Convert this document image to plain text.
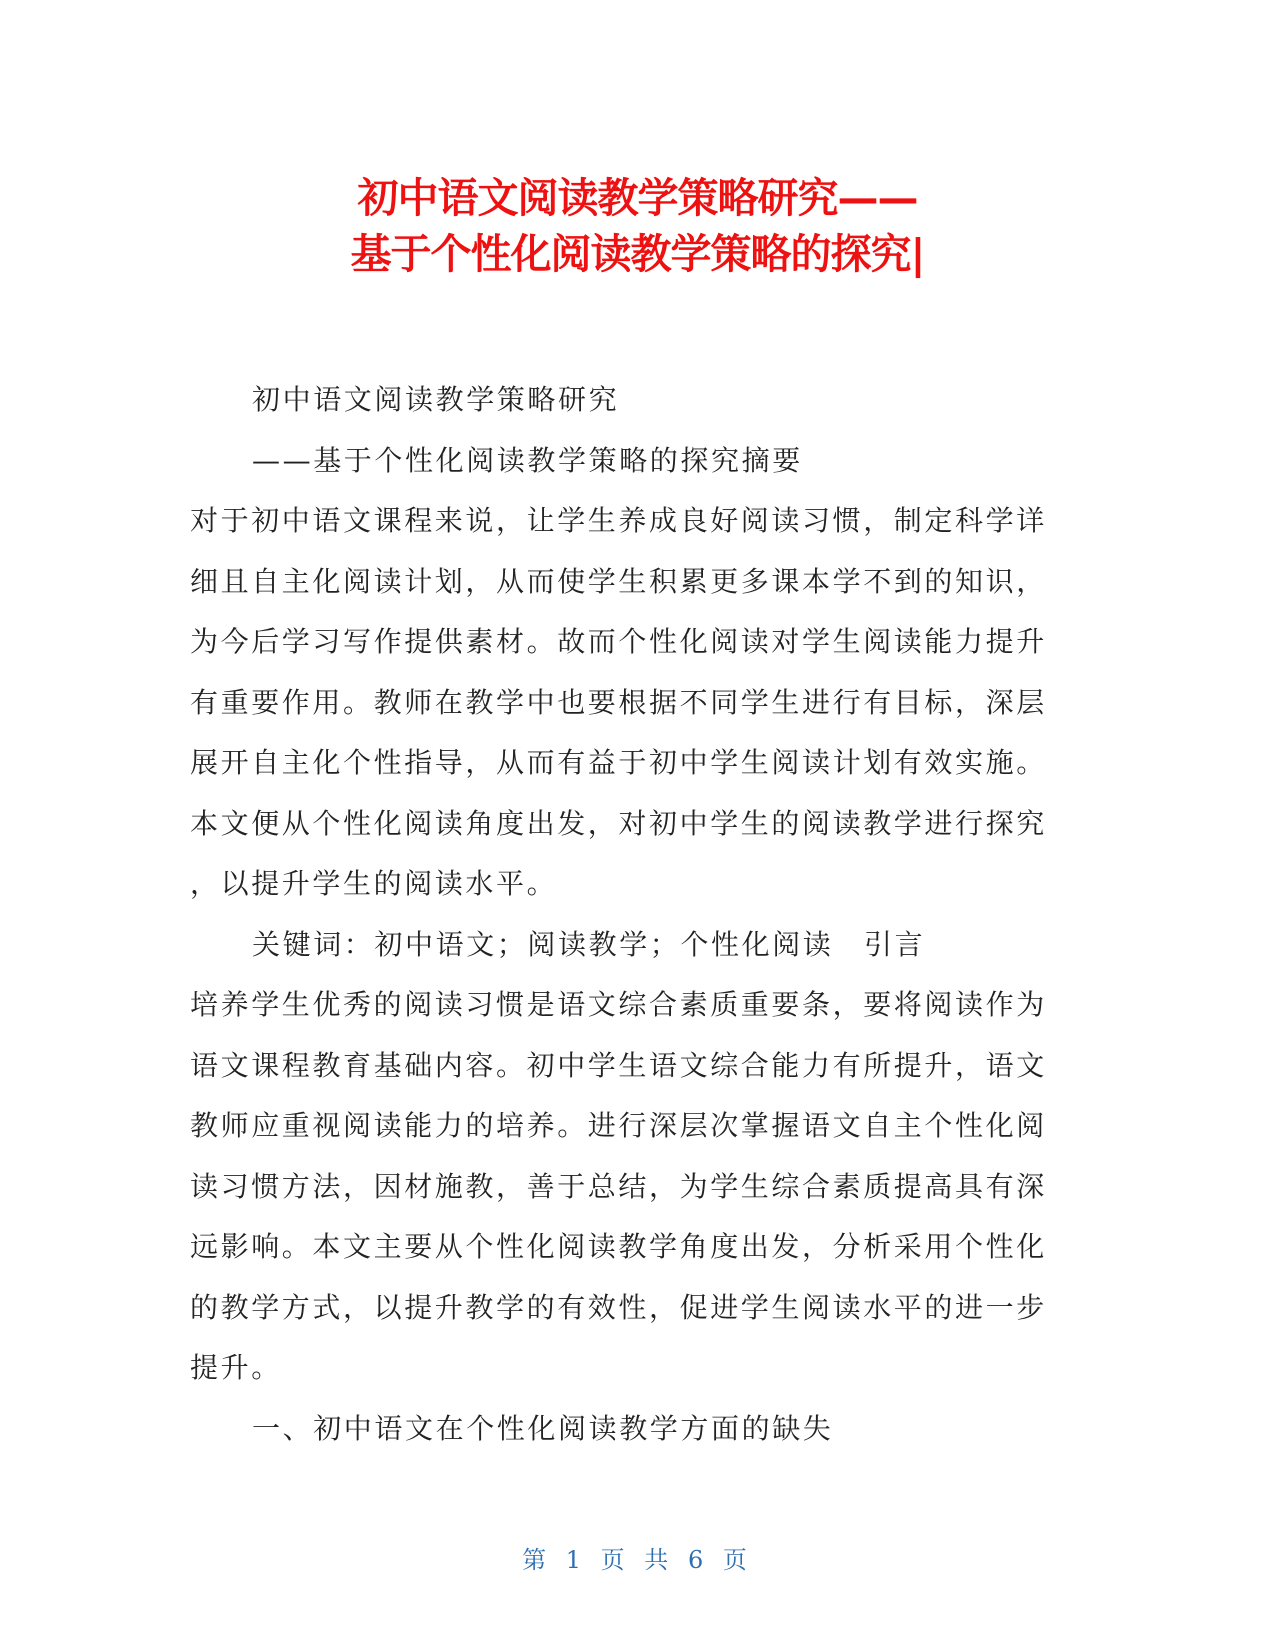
初中语文阅读教学策略研究——
基于个性化阅读教学策略的探究|

初中语文阅读教学策略研究

——基于个性化阅读教学策略的探究摘要

对于初中语文课程来说，让学生养成良好阅读习惯，制定科学详

细且自主化阅读计划，从而使学生积累更多课本学不到的知识，

为今后学习写作提供素材。故而个性化阅读对学生阅读能力提升

有重要作用。教师在教学中也要根据不同学生进行有目标，深层

展开自主化个性指导，从而有益于初中学生阅读计划有效实施。

本文便从个性化阅读角度出发，对初中学生的阅读教学进行探究

，以提升学生的阅读水平。

关键词：初中语文；阅读教学；个性化阅读　引言

培养学生优秀的阅读习惯是语文综合素质重要条，要将阅读作为

语文课程教育基础内容。初中学生语文综合能力有所提升，语文

教师应重视阅读能力的培养。进行深层次掌握语文自主个性化阅

读习惯方法，因材施教，善于总结，为学生综合素质提高具有深

远影响。本文主要从个性化阅读教学角度出发，分析采用个性化

的教学方式，以提升教学的有效性，促进学生阅读水平的进一步

提升。

一、初中语文在个性化阅读教学方面的缺失

第 1 页 共 6 页
